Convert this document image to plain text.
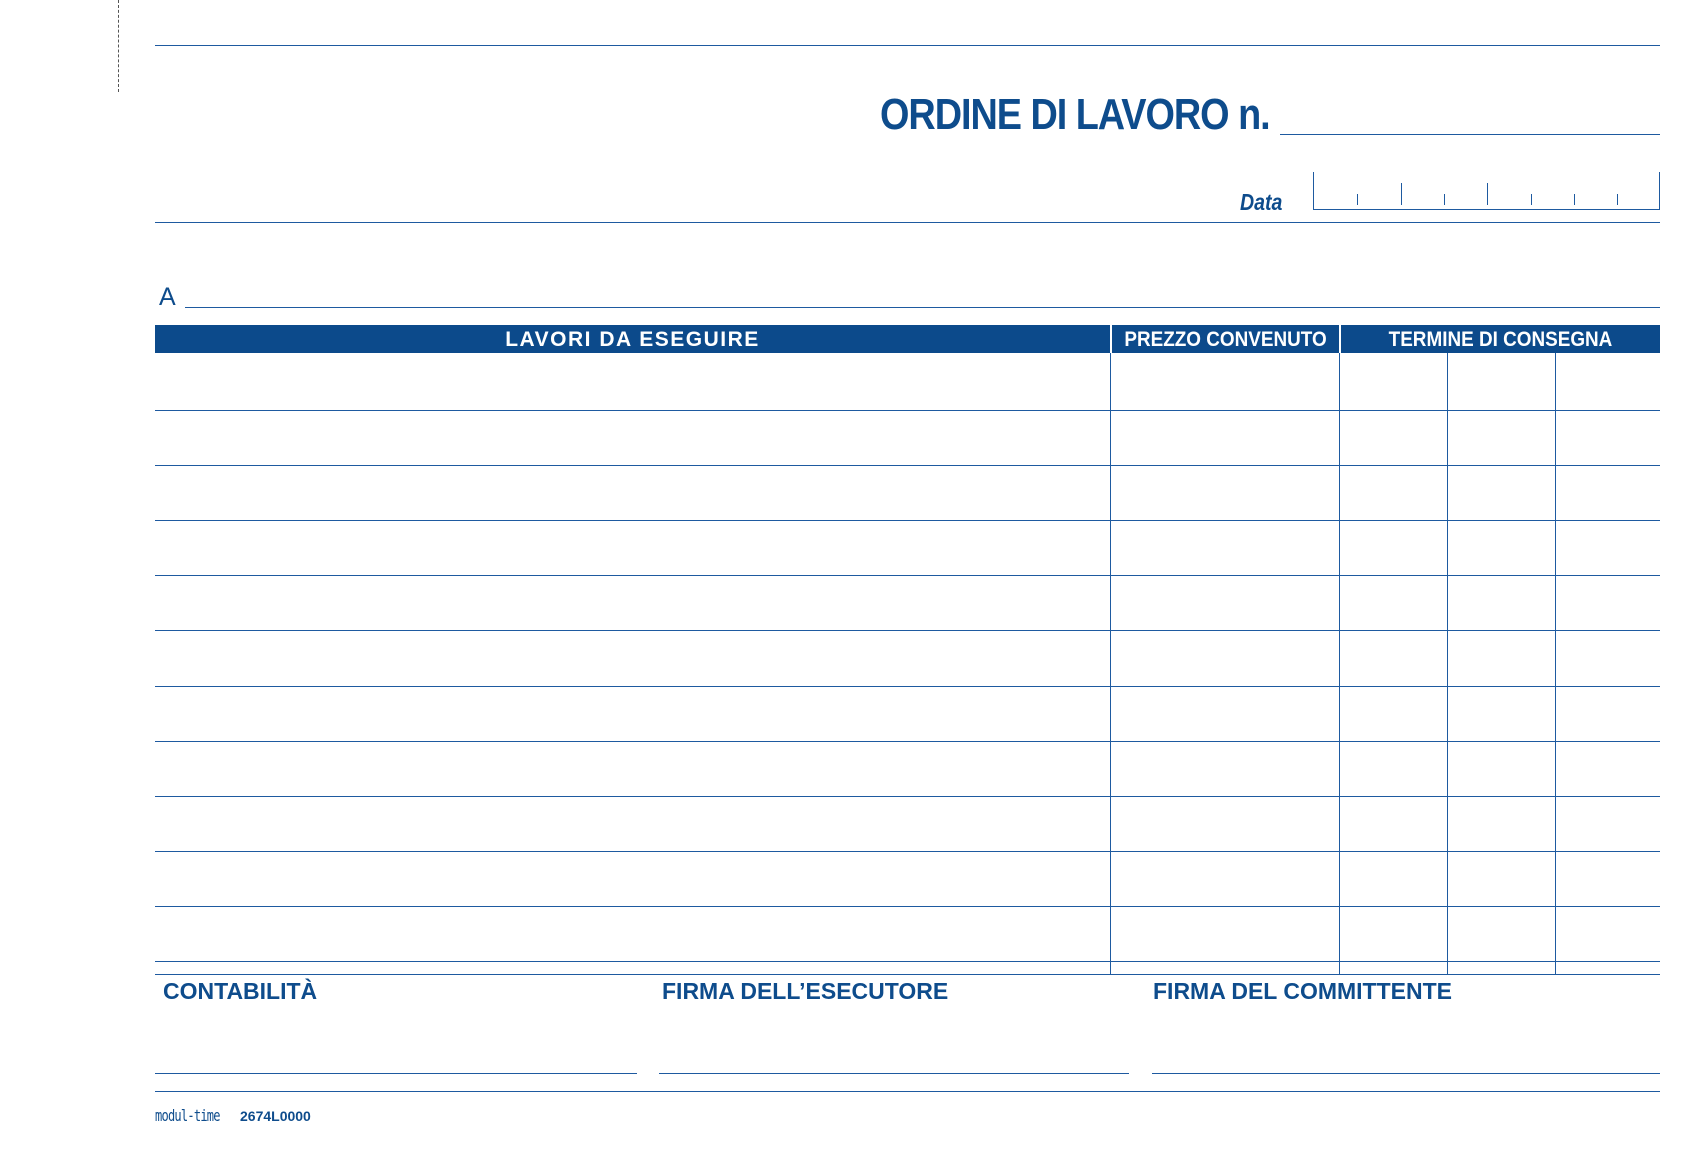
ORDINE DI LAVORO n.
Data
A
LAVORI DA ESEGUIRE	PREZZO CONVENUTO	TERMINE DI CONSEGNA
CONTABILITÀ	FIRMA DELL’ESECUTORE	FIRMA DEL COMMITTENTE
modul-time 2674L0000
